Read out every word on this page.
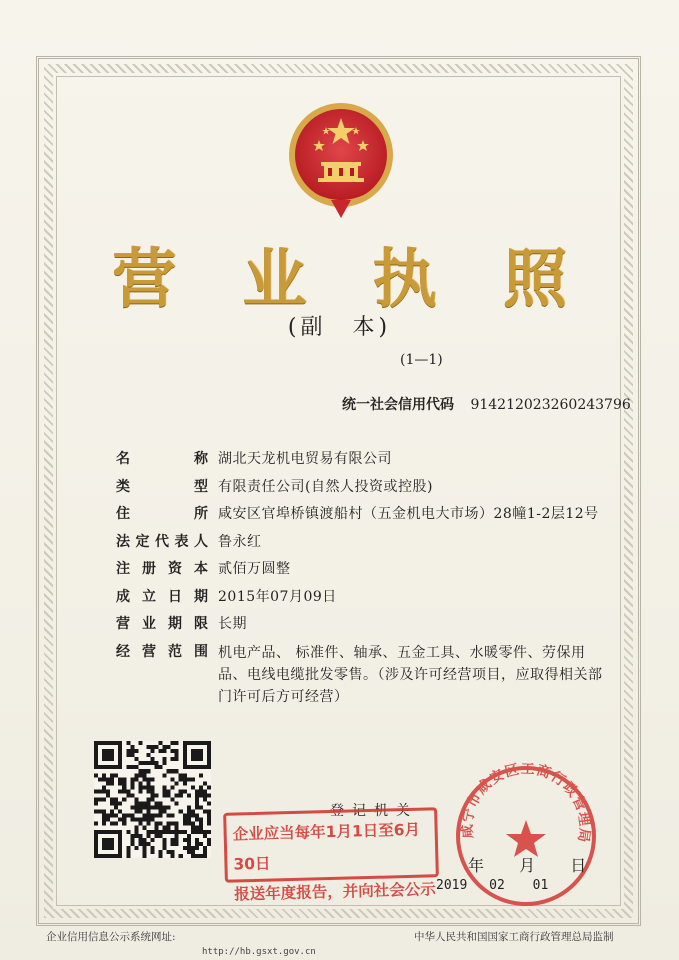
营 业 执 照
(副　本)
(1—1)
统一社会信用代码 914212023260243796
名称 湖北天龙机电贸易有限公司
类型 有限责任公司(自然人投资或控股)
住所 咸安区官埠桥镇渡船村（五金机电大市场）28幢1-2层12号
法定代表人 鲁永红
注册资本 贰佰万圆整
成立日期 2015年07月09日
营业期限 长期
经营范围 机电产品、 标准件、轴承、五金工具、水暖零件、劳保用品、电线电缆批发零售。（涉及许可经营项目，应取得相关部门许可后方可经营）
登记机关
企业应当每年1月1日至6月30日
报送年度报告，并向社会公示
咸宁市咸安区工商行政管理局
年 月 日
2019 02 01
企业信用信息公示系统网址:
http://hb.gsxt.gov.cn
中华人民共和国国家工商行政管理总局监制
